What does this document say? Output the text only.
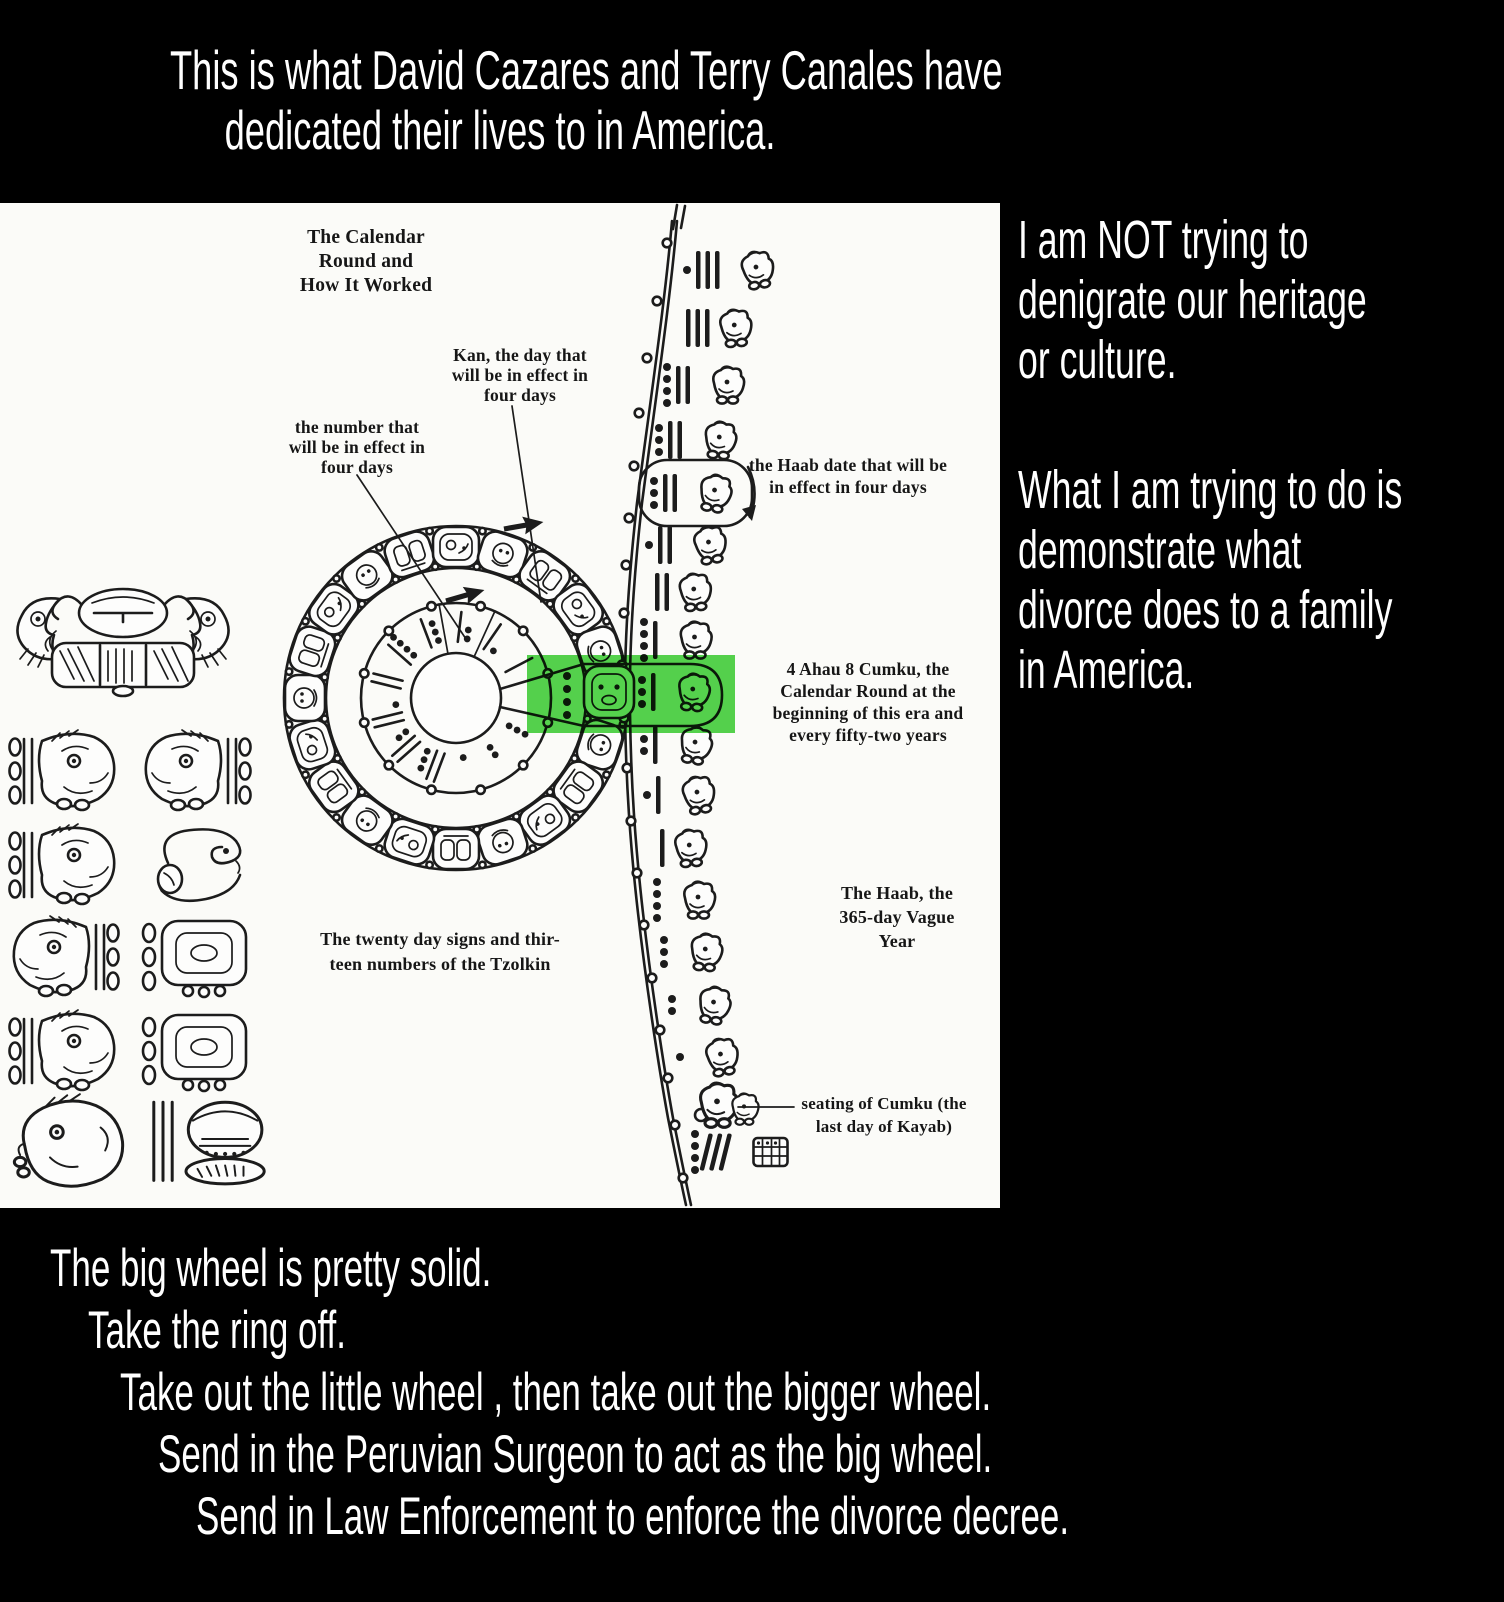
This is what David Cazares and Terry Canales have
dedicated their lives to in America.
The Calendar Round and How It Worked
Kan, the day that will be in effect in four days
the number that will be in effect in four days	the Haab date that will be in effect in four days
4 Ahau 8 Cumku, the Calendar Round at the beginning of this era and every fifty-two years
The twenty day signs and thir-teen numbers of the Tzolkin
The Haab, the 365-day Vague Year
seating of Cumku (the last day of Kayab)
I am NOT trying to
denigrate our heritage
or culture.
What I am trying to do is
demonstrate what
divorce does to a family
in America.
The big wheel is pretty solid.
Take the ring off.
Take out the little wheel , then take out the bigger wheel.
Send in the Peruvian Surgeon to act as the big wheel.
Send in Law Enforcement to enforce the divorce decree.
